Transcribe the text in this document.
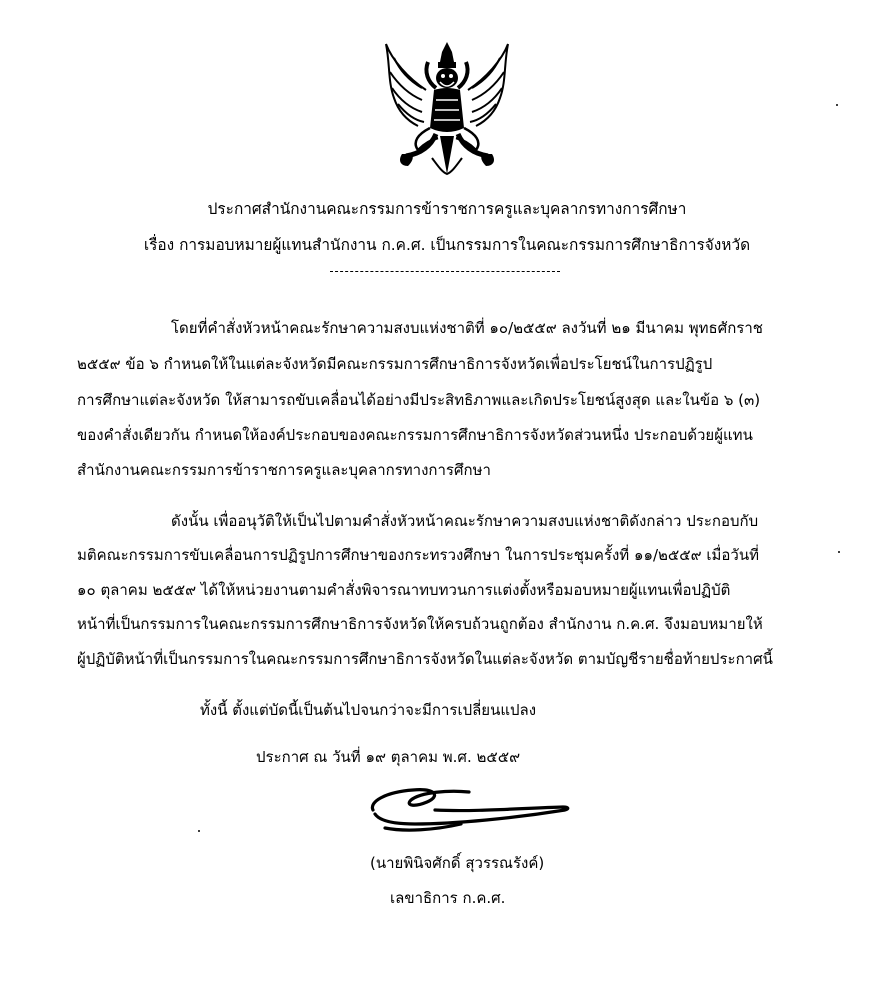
ประกาศสำนักงานคณะกรรมการข้าราชการครูและบุคลากรทางการศึกษา
เรื่อง การมอบหมายผู้แทนสำนักงาน ก.ค.ศ. เป็นกรรมการในคณะกรรมการศึกษาธิการจังหวัด
โดยที่คำสั่งหัวหน้าคณะรักษาความสงบแห่งชาติที่ ๑๐/๒๕๕๙ ลงวันที่ ๒๑ มีนาคม พุทธศักราช
๒๕๕๙ ข้อ ๖ กำหนดให้ในแต่ละจังหวัดมีคณะกรรมการศึกษาธิการจังหวัดเพื่อประโยชน์ในการปฏิรูป
การศึกษาแต่ละจังหวัด ให้สามารถขับเคลื่อนได้อย่างมีประสิทธิภาพและเกิดประโยชน์สูงสุด และในข้อ ๖ (๓)
ของคำสั่งเดียวกัน กำหนดให้องค์ประกอบของคณะกรรมการศึกษาธิการจังหวัดส่วนหนึ่ง ประกอบด้วยผู้แทน
สำนักงานคณะกรรมการข้าราชการครูและบุคลากรทางการศึกษา
ดังนั้น เพื่ออนุวัติให้เป็นไปตามคำสั่งหัวหน้าคณะรักษาความสงบแห่งชาติดังกล่าว ประกอบกับ
มติคณะกรรมการขับเคลื่อนการปฏิรูปการศึกษาของกระทรวงศึกษา ในการประชุมครั้งที่ ๑๑/๒๕๕๙ เมื่อวันที่
๑๐ ตุลาคม ๒๕๕๙ ได้ให้หน่วยงานตามคำสั่งพิจารณาทบทวนการแต่งตั้งหรือมอบหมายผู้แทนเพื่อปฏิบัติ
หน้าที่เป็นกรรมการในคณะกรรมการศึกษาธิการจังหวัดให้ครบถ้วนถูกต้อง สำนักงาน ก.ค.ศ. จึงมอบหมายให้
ผู้ปฏิบัติหน้าที่เป็นกรรมการในคณะกรรมการศึกษาธิการจังหวัดในแต่ละจังหวัด ตามบัญชีรายชื่อท้ายประกาศนี้
ทั้งนี้ ตั้งแต่บัดนี้เป็นต้นไปจนกว่าจะมีการเปลี่ยนแปลง
ประกาศ ณ วันที่ ๑๙ ตุลาคม พ.ศ. ๒๕๕๙
(นายพินิจศักดิ์ สุวรรณรังค์)
เลขาธิการ ก.ค.ศ.
